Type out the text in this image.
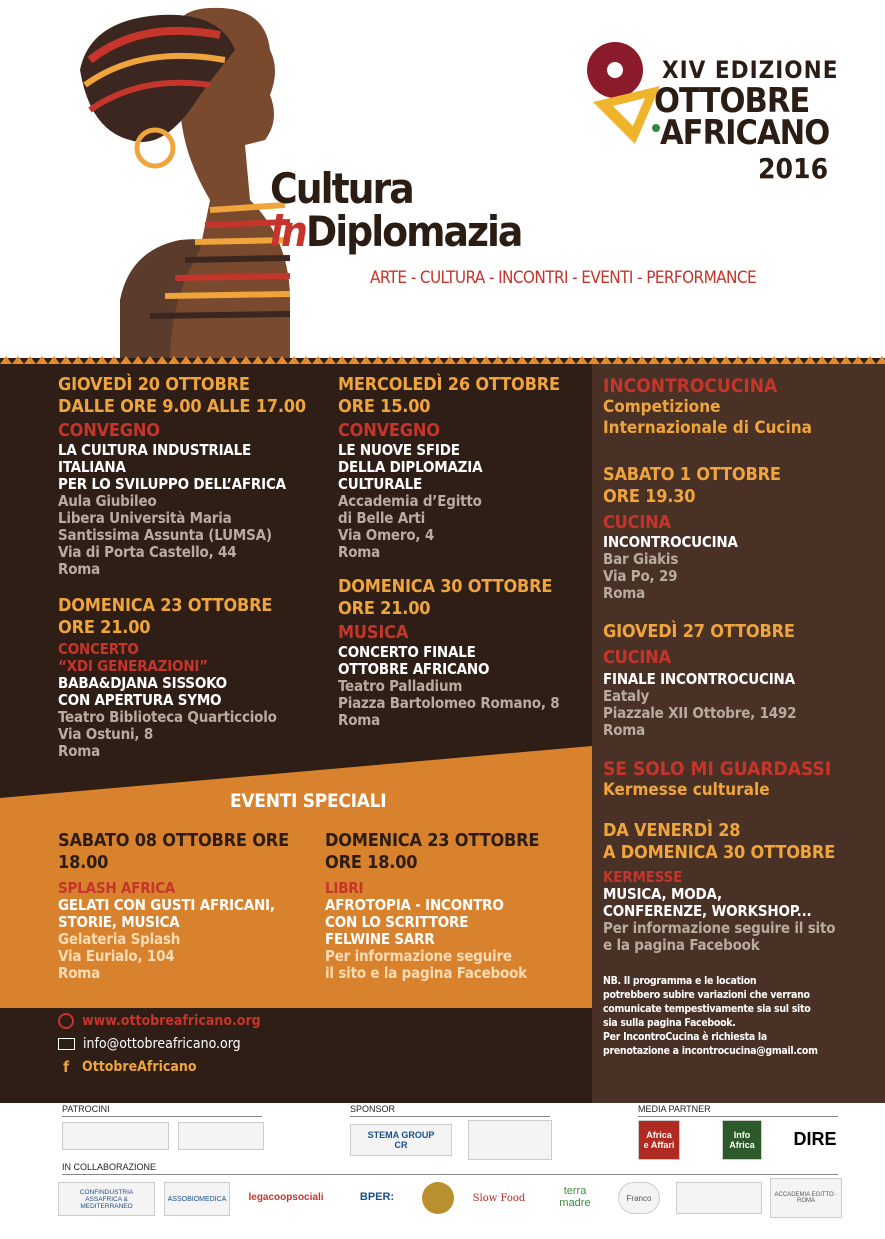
XIV EDIZIONE
OTTOBRE
AFRICANO
2016
Cultura
inDiplomazia
ARTE - CULTURA - INCONTRI - EVENTI - PERFORMANCE
GIOVEDÌ 20 OTTOBRE
DALLE ORE 9.00 ALLE 17.00
CONVEGNO
LA CULTURA INDUSTRIALE
ITALIANA
PER LO SVILUPPO DELL’AFRICA
Aula Giubileo
Libera Università Maria
Santissima Assunta (LUMSA)
Via di Porta Castello, 44
Roma
DOMENICA 23 OTTOBRE
ORE 21.00
CONCERTO
“XDI GENERAZIONI”
BABA&DJANA SISSOKO
CON APERTURA SYMO
Teatro Biblioteca Quarticciolo
Via Ostuni, 8
Roma
MERCOLEDÌ 26 OTTOBRE
ORE 15.00
CONVEGNO
LE NUOVE SFIDE
DELLA DIPLOMAZIA
CULTURALE
Accademia d’Egitto
di Belle Arti
Via Omero, 4
Roma
DOMENICA 30 OTTOBRE
ORE 21.00
MUSICA
CONCERTO FINALE
OTTOBRE AFRICANO
Teatro Palladium
Piazza Bartolomeo Romano, 8
Roma
INCONTROCUCINA
Competizione
Internazionale di Cucina
SABATO 1 OTTOBRE
ORE 19.30
CUCINA
INCONTROCUCINA
Bar Giakis
Via Po, 29
Roma
GIOVEDÌ 27 OTTOBRE
CUCINA
FINALE INCONTROCUCINA
Eataly
Piazzale XII Ottobre, 1492
Roma
SE SOLO MI GUARDASSI
Kermesse culturale
DA VENERDÌ 28
A DOMENICA 30 OTTOBRE
KERMESSE
MUSICA, MODA,
CONFERENZE, WORKSHOP...
Per informazione seguire il sito
e la pagina Facebook
NB. Il programma e le location
potrebbero subire variazioni che verrano
comunicate tempestivamente sia sul sito
sia sulla pagina Facebook.
Per IncontroCucina è richiesta la
prenotazione a incontrocucina@gmail.com
EVENTI SPECIALI
SABATO 08 OTTOBRE ORE
18.00
SPLASH AFRICA
GELATI CON GUSTI AFRICANI,
STORIE, MUSICA
Gelateria Splash
Via Eurialo, 104
Roma
DOMENICA 23 OTTOBRE
ORE 18.00
LIBRI
AFROTOPIA - INCONTRO
CON LO SCRITTORE
FELWINE SARR
Per informazione seguire
il sito e la pagina Facebook
www.ottobreafricano.org
info@ottobreafricano.org
f OttobreAfricano
PATROCINI	SPONSOR	MEDIA PARTNER
STEMA GROUP
CR
Africa
e Affari
Info
Africa DIRE
IN COLLABORAZIONE
CONFINDUSTRIA
ASSAFRICA & MEDITERRANEO
ASSOBIOMEDICA	legacoopsociali	BPER:	Slow Food
terra
madre	Franco	ACCADEMIA EGITTO · ROMA
